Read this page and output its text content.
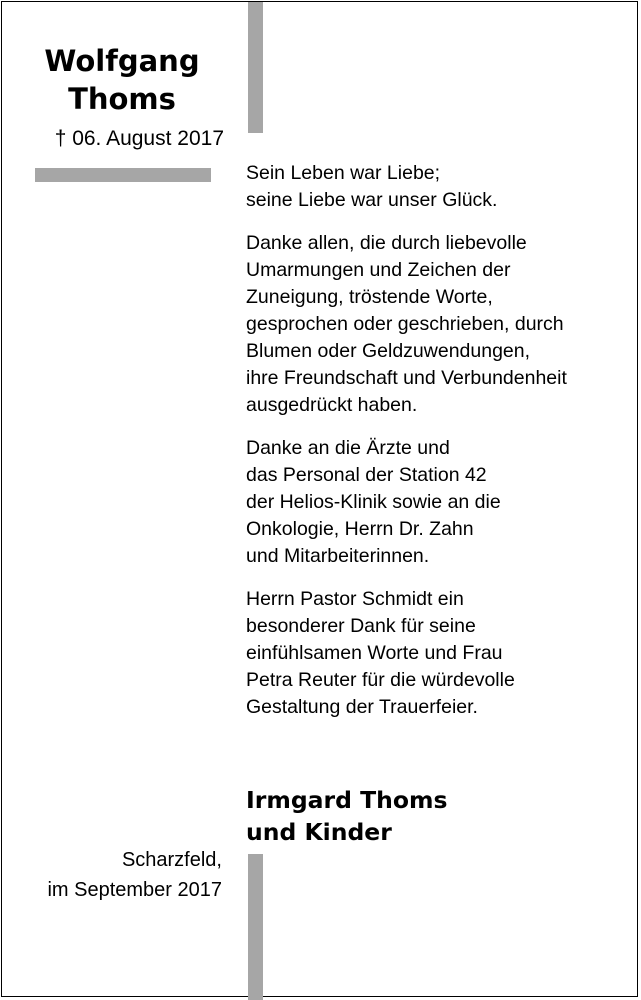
Wolfgang
Thoms
† 06. August 2017
Sein Leben war Liebe;
seine Liebe war unser Glück.
Danke allen, die durch liebevolle
Umarmungen und Zeichen der
Zuneigung, tröstende Worte,
gesprochen oder geschrieben, durch
Blumen oder Geldzuwendungen,
ihre Freundschaft und Verbundenheit
ausgedrückt haben.
Danke an die Ärzte und
das Personal der Station 42
der Helios-Klinik sowie an die
Onkologie, Herrn Dr. Zahn
und Mitarbeiterinnen.
Herrn Pastor Schmidt ein
besonderer Dank für seine
einfühlsamen Worte und Frau
Petra Reuter für die würdevolle
Gestaltung der Trauerfeier.
Irmgard Thoms
und Kinder
Scharzfeld,
im September 2017
